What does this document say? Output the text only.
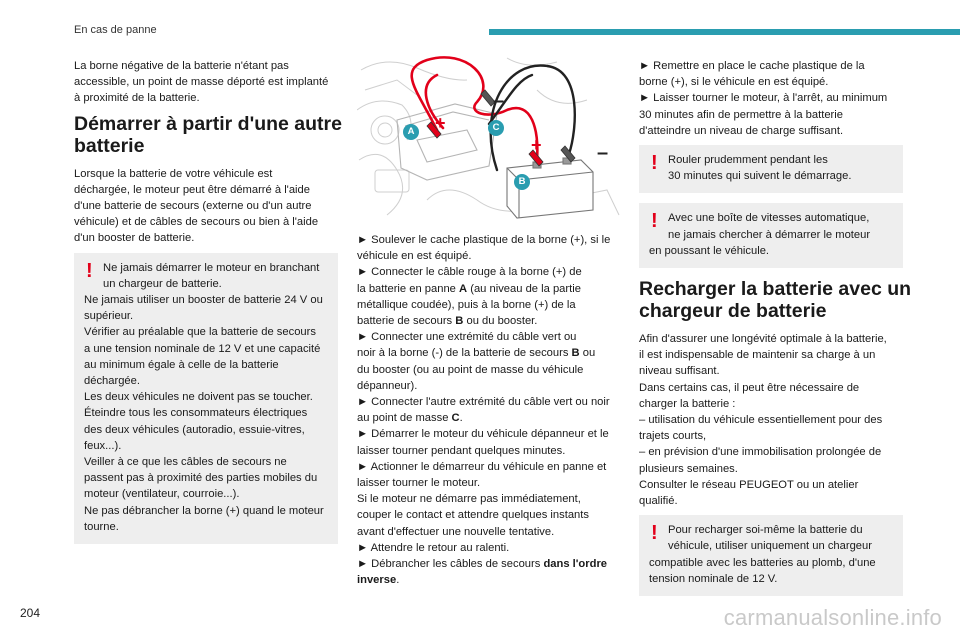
En cas de panne
La borne négative de la batterie n'étant pas
accessible, un point de masse déporté est implanté
à proximité de la batterie.
Démarrer à partir d'une autre
batterie
Lorsque la batterie de votre véhicule est
déchargée, le moteur peut être démarré à l'aide
d'une batterie de secours (externe ou d'un autre
véhicule) et de câbles de secours ou bien à l'aide
d'un booster de batterie.
! Ne jamais démarrer le moteur en branchant
un chargeur de batterie.
Ne jamais utiliser un booster de batterie 24 V ou
supérieur.
Vérifier au préalable que la batterie de secours
a une tension nominale de 12 V et une capacité
au minimum égale à celle de la batterie
déchargée.
Les deux véhicules ne doivent pas se toucher.
Éteindre tous les consommateurs électriques
des deux véhicules (autoradio, essuie-vitres,
feux...).
Veiller à ce que les câbles de secours ne
passent pas à proximité des parties mobiles du
moteur (ventilateur, courroie...).
Ne pas débrancher la borne (+) quand le moteur
tourne.
A
B
C
+
+
–
–
► Soulever le cache plastique de la borne (+), si le
véhicule en est équipé.
► Connecter le câble rouge à la borne (+) de
la batterie en panne A (au niveau de la partie
métallique coudée), puis à la borne (+) de la
batterie de secours B ou du booster.
► Connecter une extrémité du câble vert ou
noir à la borne (-) de la batterie de secours B ou
du booster (ou au point de masse du véhicule
dépanneur).
► Connecter l'autre extrémité du câble vert ou noir
au point de masse C.
► Démarrer le moteur du véhicule dépanneur et le
laisser tourner pendant quelques minutes.
► Actionner le démarreur du véhicule en panne et
laisser tourner le moteur.
Si le moteur ne démarre pas immédiatement,
couper le contact et attendre quelques instants
avant d'effectuer une nouvelle tentative.
► Attendre le retour au ralenti.
► Débrancher les câbles de secours dans l'ordre
inverse.
► Remettre en place le cache plastique de la
borne (+), si le véhicule en est équipé.
► Laisser tourner le moteur, à l'arrêt, au minimum
30 minutes afin de permettre à la batterie
d'atteindre un niveau de charge suffisant.
! Rouler prudemment pendant les
30 minutes qui suivent le démarrage.
! Avec une boîte de vitesses automatique,
ne jamais chercher à démarrer le moteur
en poussant le véhicule.
Recharger la batterie avec un
chargeur de batterie
Afin d'assurer une longévité optimale à la batterie,
il est indispensable de maintenir sa charge à un
niveau suffisant.
Dans certains cas, il peut être nécessaire de
charger la batterie :
– utilisation du véhicule essentiellement pour des
trajets courts,
– en prévision d'une immobilisation prolongée de
plusieurs semaines.
Consulter le réseau PEUGEOT ou un atelier
qualifié.
! Pour recharger soi-même la batterie du
véhicule, utiliser uniquement un chargeur
compatible avec les batteries au plomb, d'une
tension nominale de 12 V.
204	carmanualsonline.info
